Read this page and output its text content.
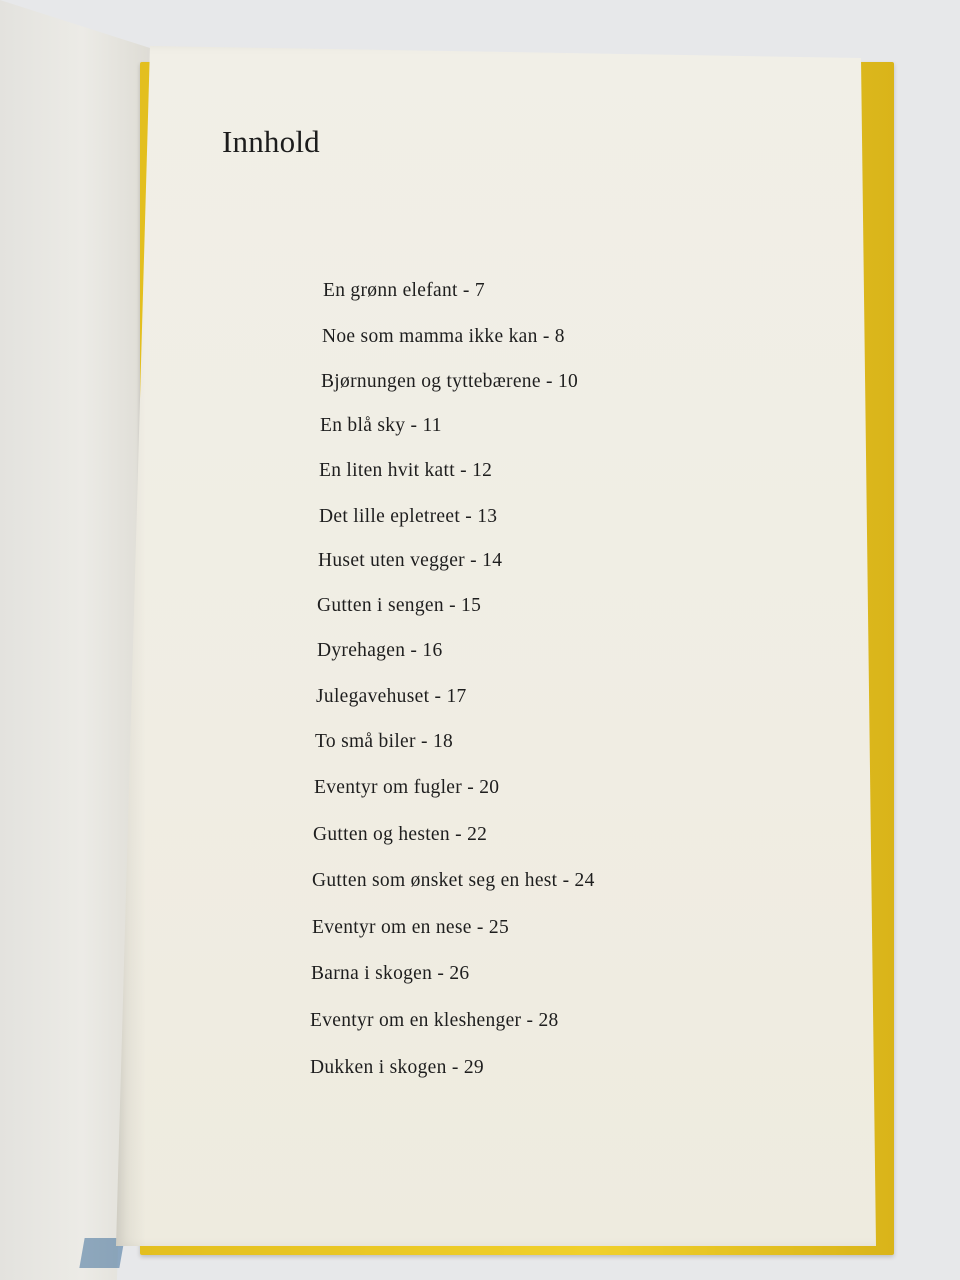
Innhold
En grønn elefant - 7
Noe som mamma ikke kan - 8
Bjørnungen og tyttebærene - 10
En blå sky - 11
En liten hvit katt - 12
Det lille epletreet - 13
Huset uten vegger - 14
Gutten i sengen - 15
Dyrehagen - 16
Julegavehuset - 17
To små biler - 18
Eventyr om fugler - 20
Gutten og hesten - 22
Gutten som ønsket seg en hest - 24
Eventyr om en nese - 25
Barna i skogen - 26
Eventyr om en kleshenger - 28
Dukken i skogen - 29
